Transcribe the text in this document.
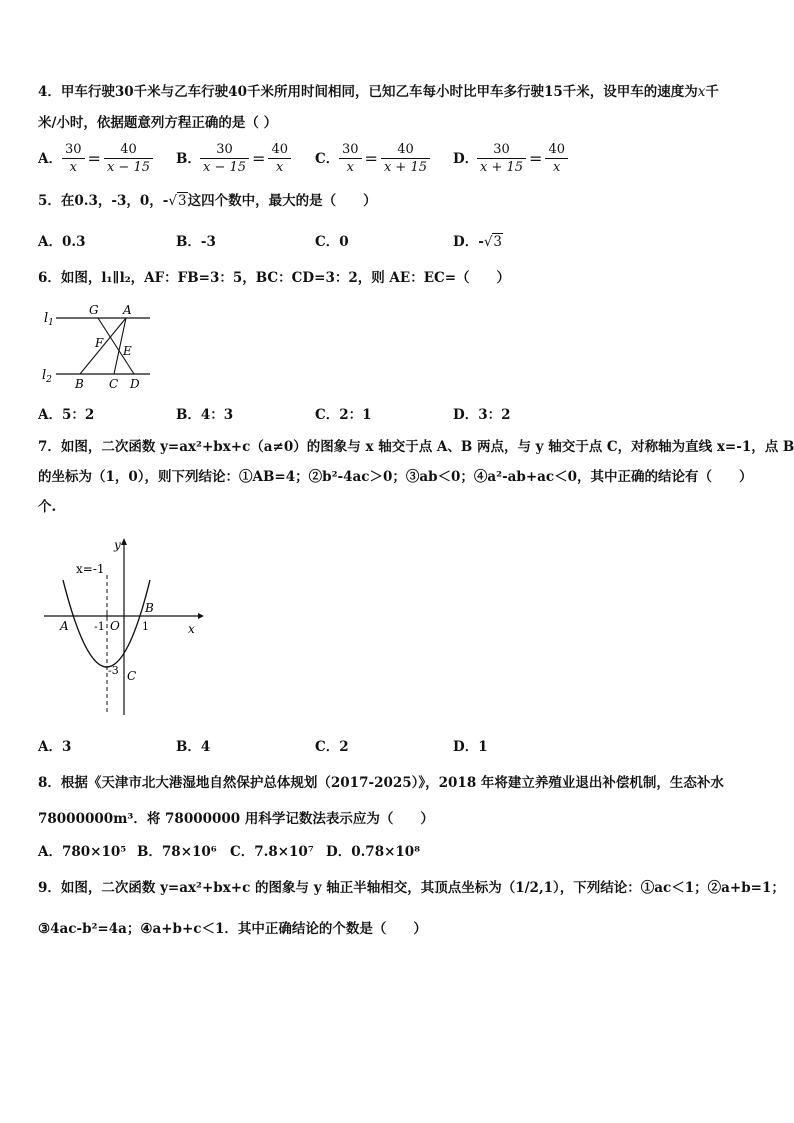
4．甲车行驶30千米与乙车行驶40千米所用时间相同，已知乙车每小时比甲车多行驶15千米，设甲车的速度为x千
米/小时，依据题意列方程正确的是（ ）
A． $\frac{30}{x} = \frac{40}{x - 15}$ B． $\frac{30}{x - 15} = \frac{40}{x}$ C． $\frac{30}{x} = \frac{40}{x + 15}$ D．
$\frac{30}{x + 15} = \frac{40}{x}$
5．在0.3，-3，0，-√3这四个数中，最大的是（　　）
A．0.3	B．-3	C．0	D．-√3
6．如图，l₁∥l₂，AF：FB=3：5，BC：CD=3：2，则 AE：EC=（　　）
$l_1$
$l_2$
G A
F
E
B C D
A．5：2	B．4：3	C．2：1	D．3：2
7．如图，二次函数 y=ax²+bx+c（a≠0）的图象与 x 轴交于点 A、B 两点，与 y 轴交于点 C，对称轴为直线 x=-1，点 B
的坐标为（1，0），则下列结论：①AB=4；②b²-4ac＞0；③ab＜0；④a²-ab+ac＜0，其中正确的结论有（　　）
个.
x=-1
y
x
A
B
-1 O 1
-3 C
A．3	B．4	C．2	D．1
8．根据《天津市北大港湿地自然保护总体规划（2017-2025）》，2018 年将建立养殖业退出补偿机制，生态补水
78000000m³．将 78000000 用科学记数法表示应为（　　）
A．780×10⁵ B．78×10⁶ C．7.8×10⁷ D．0.78×10⁸
9．如图，二次函数 y=ax²+bx+c 的图象与 y 轴正半轴相交，其顶点坐标为（1/2,1），下列结论：①ac＜1；②a+b=1；
③4ac-b²=4a；④a+b+c＜1．其中正确结论的个数是（　　）
